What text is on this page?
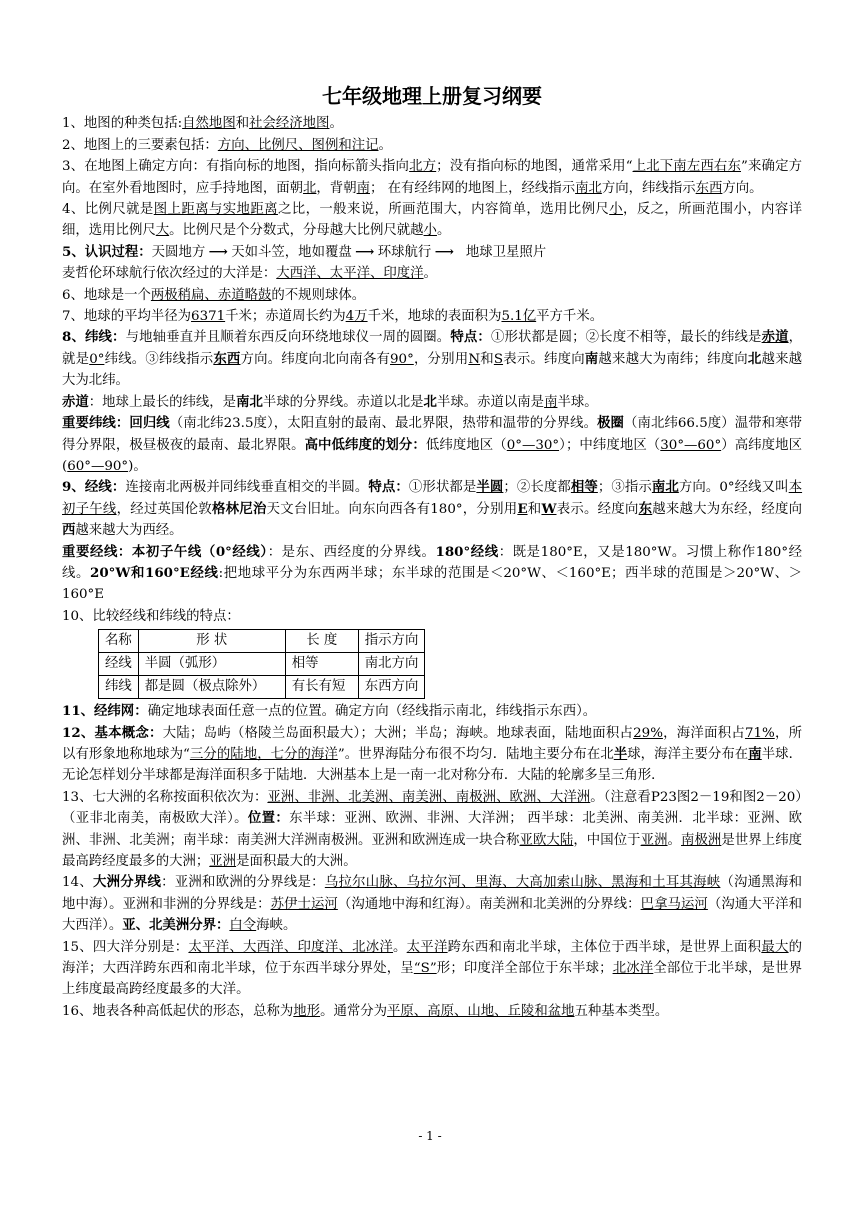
七年级地理上册复习纲要

1、地图的种类包括:自然地图和社会经济地图。

2、地图上的三要素包括：方向、比例尺、图例和注记。

3、在地图上确定方向：有指向标的地图，指向标箭头指向北方；没有指向标的地图，通常采用“上北下南左西右东”来确定方向。在室外看地图时，应手持地图，面朝北，背朝南； 在有经纬网的地图上，经线指示南北方向，纬线指示东西方向。

4、比例尺就是图上距离与实地距离之比，一般来说，所画范围大，内容简单，选用比例尺小，反之，所画范围小，内容详细，选用比例尺大。比例尺是个分数式，分母越大比例尺就越小。

5、认识过程：天圆地方 ⟶ 天如斗笠，地如覆盘 ⟶ 环球航行 ⟶ 地球卫星照片

麦哲伦环球航行依次经过的大洋是：大西洋、太平洋、印度洋。

6、地球是一个两极稍扁、赤道略鼓的不规则球体。

7、地球的平均半径为6371千米；赤道周长约为4万千米，地球的表面积为5.1亿平方千米。

8、纬线：与地轴垂直并且顺着东西反向环绕地球仪一周的圆圈。特点：①形状都是圆；②长度不相等，最长的纬线是赤道，就是0°纬线。③纬线指示东西方向。纬度向北向南各有90°，分别用N和S表示。纬度向南越来越大为南纬；纬度向北越来越大为北纬。

赤道：地球上最长的纬线，是南北半球的分界线。赤道以北是北半球。赤道以南是南半球。

重要纬线：回归线（南北纬23.5度），太阳直射的最南、最北界限，热带和温带的分界线。极圈（南北纬66.5度）温带和寒带得分界限，极昼极夜的最南、最北界限。高中低纬度的划分：低纬度地区（0°—30°）；中纬度地区（30°—60°）高纬度地区(60°—90°)。

9、经线：连接南北两极并同纬线垂直相交的半圆。特点：①形状都是半圆；②长度都相等；③指示南北方向。0°经线又叫本初子午线，经过英国伦敦格林尼治天文台旧址。向东向西各有180°，分别用E和W表示。经度向东越来越大为东经，经度向西越来越大为西经。

重要经线：本初子午线（0°经线）：是东、西经度的分界线。180°经线：既是180°E，又是180°W。习惯上称作180°经线。20°W和160°E经线:把地球平分为东西两半球；东半球的范围是＜20°W、＜160°E；西半球的范围是＞20°W、＞160°E

10、比较经线和纬线的特点：

名称	形 状	长 度	指示方向
经线	半圆（弧形）	相等	南北方向
纬线	都是圆（极点除外）	有长有短	东西方向

11、经纬网：确定地球表面任意一点的位置。确定方向（经线指示南北，纬线指示东西）。

12、基本概念：大陆；岛屿（格陵兰岛面积最大）；大洲；半岛；海峡。地球表面，陆地面积占29%，海洋面积占71%，所以有形象地称地球为“三分的陆地，七分的海洋”。世界海陆分布很不均匀．陆地主要分布在北半球，海洋主要分布在南半球．无论怎样划分半球都是海洋面积多于陆地．大洲基本上是一南一北对称分布．大陆的轮廓多呈三角形．

13、七大洲的名称按面积依次为：亚洲、非洲、北美洲、南美洲、南极洲、欧洲、大洋洲。（注意看P23图2－19和图2－20）（亚非北南美，南极欧大洋）。位置：东半球：亚洲、欧洲、非洲、大洋洲； 西半球：北美洲、南美洲．北半球：亚洲、欧洲、非洲、北美洲；南半球：南美洲大洋洲南极洲。亚洲和欧洲连成一块合称亚欧大陆，中国位于亚洲。南极洲是世界上纬度最高跨经度最多的大洲；亚洲是面积最大的大洲。

14、大洲分界线：亚洲和欧洲的分界线是：乌拉尔山脉、乌拉尔河、里海、大高加索山脉、黑海和土耳其海峡（沟通黑海和地中海）。亚洲和非洲的分界线是：苏伊士运河（沟通地中海和红海）。南美洲和北美洲的分界线：巴拿马运河（沟通大平洋和大西洋）。亚、北美洲分界：白令海峡。

15、四大洋分别是：太平洋、大西洋、印度洋、北冰洋。太平洋跨东西和南北半球，主体位于西半球，是世界上面积最大的海洋；大西洋跨东西和南北半球，位于东西半球分界处，呈“S”形；印度洋全部位于东半球；北冰洋全部位于北半球，是世界上纬度最高跨经度最多的大洋。

16、地表各种高低起伏的形态，总称为地形。通常分为平原、高原、山地、丘陵和盆地五种基本类型。

- 1 -
